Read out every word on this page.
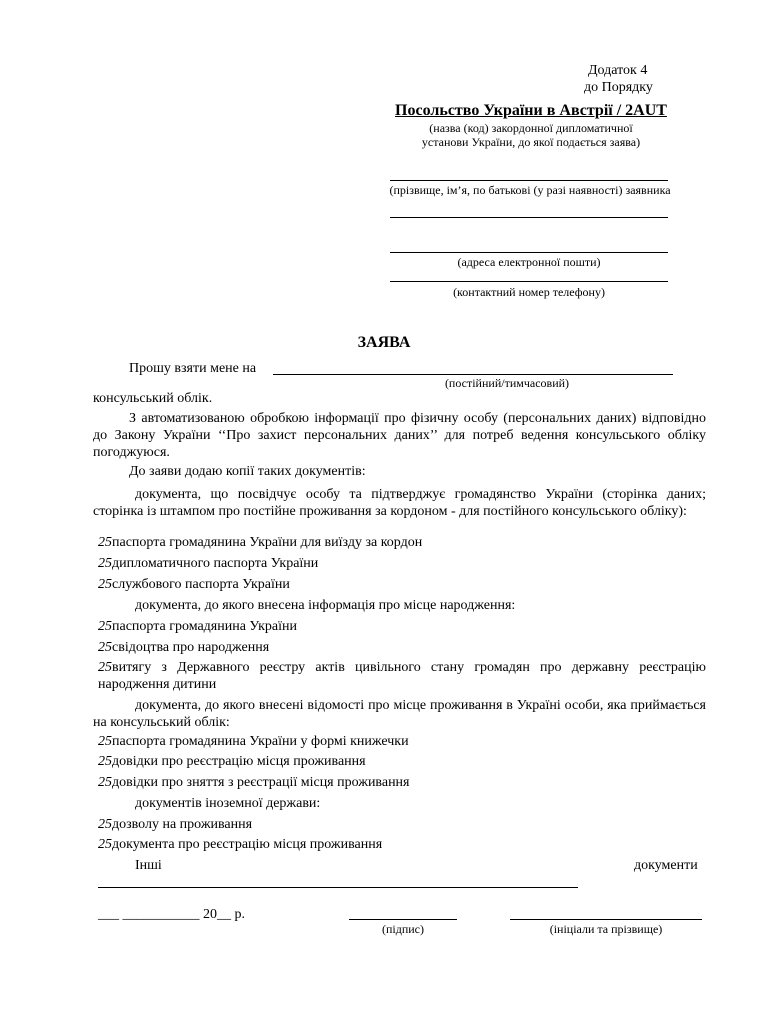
Додаток 4
до Порядку
Посольство України в Австрії / 2AUT
(назва (код) закордонної дипломатичної
установи України, до якої подається заява)
(прізвище, ім’я, по батькові (у разі наявності) заявника
(адреса електронної пошти)
(контактний номер телефону)
ЗАЯВА
Прошу взяти мене на
(постійний/тимчасовий)
консульський облік.
З автоматизованою обробкою інформації про фізичну особу (персональних даних) відповідно до Закону України ‘‘Про захист персональних даних’’ для потреб ведення консульського обліку погоджуюся.
До заяви додаю копії таких документів:
документа, що посвідчує особу та підтверджує громадянство України (сторінка даних; сторінка із штампом про постійне проживання за кордоном - для постійного консульського обліку):
25паспорта громадянина України для виїзду за кордон
25дипломатичного паспорта України
25службового паспорта України
документа, до якого внесена інформація про місце народження:
25паспорта громадянина України
25свідоцтва про народження
25витягу з Державного реєстру актів цивільного стану громадян про державну реєстрацію народження дитини
документа, до якого внесені відомості про місце проживання в Україні особи, яка приймається на консульський облік:
25паспорта громадянина України у формі книжечки
25довідки про реєстрацію місця проживання
25довідки про зняття з реєстрації місця проживання
документів іноземної держави:
25дозволу на проживання
25документа про реєстрацію місця проживання
Інші	документи
___ ___________ 20__ р.
(підпис)	(ініціали та прізвище)
